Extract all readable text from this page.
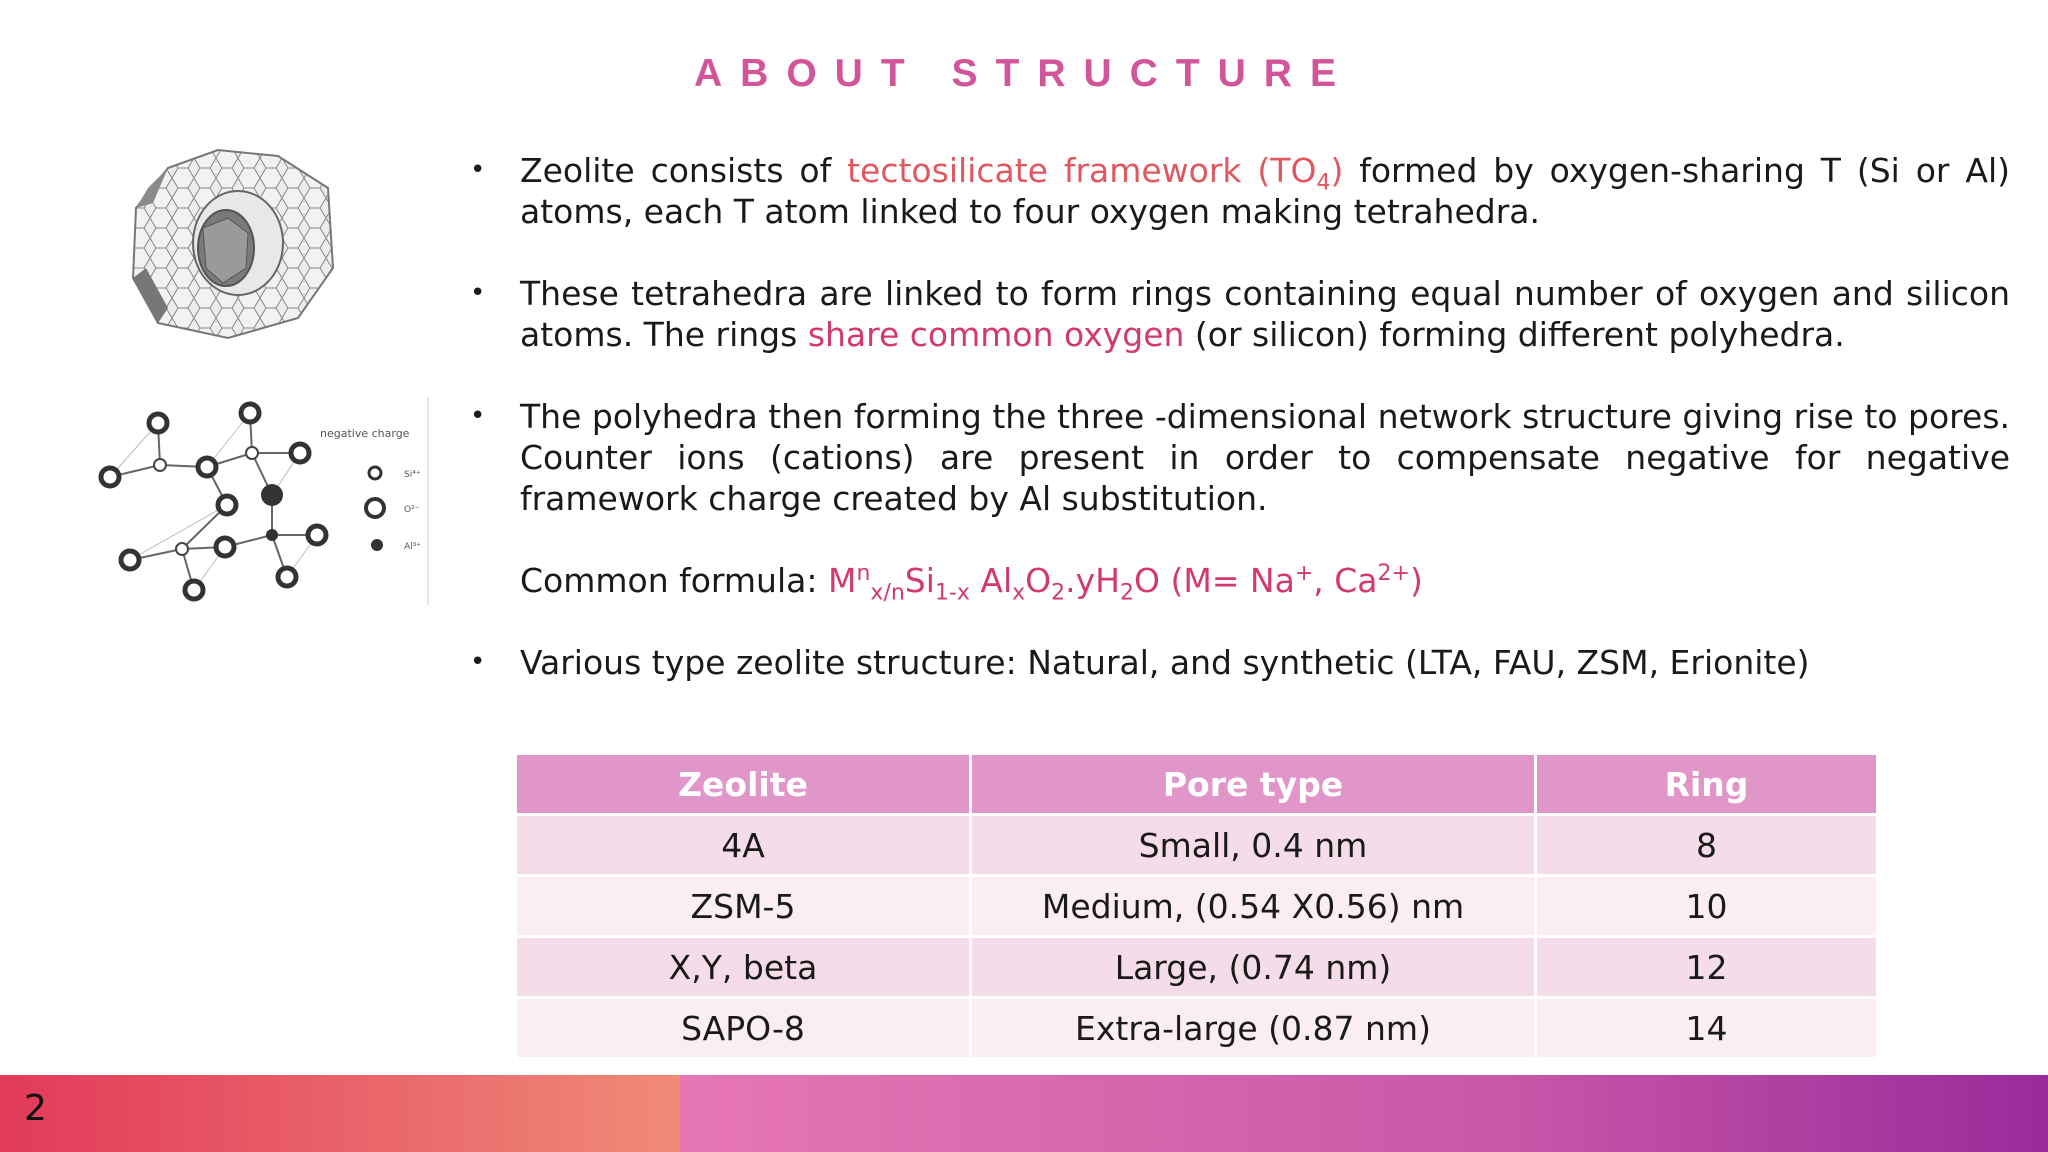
ABOUT STRUCTURE
negative charge
Si⁴⁺
O²⁻
Al³⁺
• Zeolite consists of tectosilicate framework $(TO_4)$ formed by oxygen-sharing T (Si or Al) atoms, each T atom linked to four oxygen making tetrahedra.
• These tetrahedra are linked to form rings containing equal number of oxygen and silicon atoms. The rings share common oxygen (or silicon) forming different polyhedra.
• The polyhedra then forming the three -dimensional network structure giving rise to pores. Counter ions (cations) are present in order to compensate negative for negative framework charge created by Al substitution.
Common formula: $M^n_{x/n}Si_{1-x}$ $Al_xO_2.yH_2O$ (M= Na+, $Ca^{2+}$)
• Various type zeolite structure: Natural, and synthetic (LTA, FAU, ZSM, Erionite)
Zeolite	Pore type	Ring
4A	Small, 0.4 nm	8
ZSM-5	Medium, (0.54 X0.56) nm	10
X,Y, beta	Large, (0.74 nm)	12
SAPO-8	Extra-large (0.87 nm)	14
2
